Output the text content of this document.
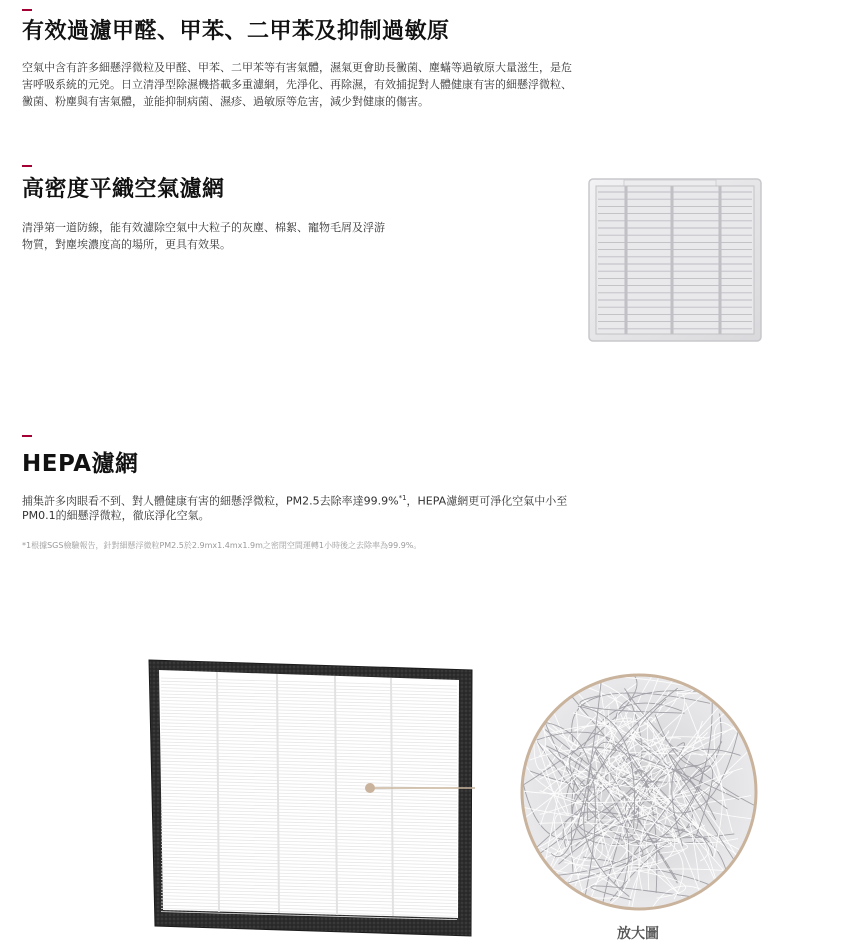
有效過濾甲醛、甲苯、二甲苯及抑制過敏原

空氣中含有許多細懸浮微粒及甲醛、甲苯、二甲苯等有害氣體，濕氣更會助長黴菌、塵蟎等過敏原大量滋生，是危

害呼吸系統的元兇。日立清淨型除濕機搭載多重濾網，先淨化、再除濕，有效捕捉對人體健康有害的細懸浮微粒、

黴菌、粉塵與有害氣體，並能抑制病菌、濕疹、過敏原等危害，減少對健康的傷害。

高密度平織空氣濾網

清淨第一道防線，能有效濾除空氣中大粒子的灰塵、棉絮、寵物毛屑及浮游

物質，對塵埃濃度高的場所，更具有效果。

HEPA濾網

捕集許多肉眼看不到、對人體健康有害的細懸浮微粒，PM2.5去除率達99.9%$^{*1}$，HEPA濾網更可淨化空氣中小至

PM0.1的細懸浮微粒，徹底淨化空氣。

*1根據SGS檢驗報告，針對細懸浮微粒PM2.5於2.9mx1.4mx1.9m之密閉空間運轉1小時後之去除率為99.9%。

放大圖
